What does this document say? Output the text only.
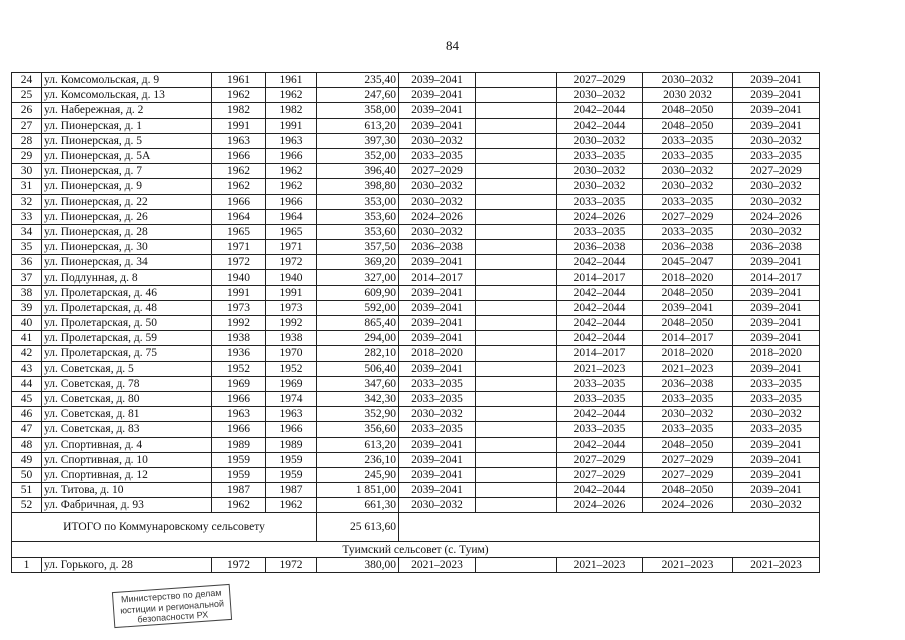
84
24	ул. Комсомольская, д. 9	1961	1961	235,40	2039–2041		2027–2029	2030–2032	2039–2041
25	ул. Комсомольская, д. 13	1962	1962	247,60	2039–2041		2030–2032	2030 2032	2039–2041
26	ул. Набережная, д. 2	1982	1982	358,00	2039–2041		2042–2044	2048–2050	2039–2041
27	ул. Пионерская, д. 1	1991	1991	613,20	2039–2041		2042–2044	2048–2050	2039–2041
28	ул. Пионерская, д. 5	1963	1963	397,30	2030–2032		2030–2032	2033–2035	2030–2032
29	ул. Пионерская, д. 5А	1966	1966	352,00	2033–2035		2033–2035	2033–2035	2033–2035
30	ул. Пионерская, д. 7	1962	1962	396,40	2027–2029		2030–2032	2030–2032	2027–2029
31	ул. Пионерская, д. 9	1962	1962	398,80	2030–2032		2030–2032	2030–2032	2030–2032
32	ул. Пионерская, д. 22	1966	1966	353,00	2030–2032		2033–2035	2033–2035	2030–2032
33	ул. Пионерская, д. 26	1964	1964	353,60	2024–2026		2024–2026	2027–2029	2024–2026
34	ул. Пионерская, д. 28	1965	1965	353,60	2030–2032		2033–2035	2033–2035	2030–2032
35	ул. Пионерская, д. 30	1971	1971	357,50	2036–2038		2036–2038	2036–2038	2036–2038
36	ул. Пионерская, д. 34	1972	1972	369,20	2039–2041		2042–2044	2045–2047	2039–2041
37	ул. Подлунная, д. 8	1940	1940	327,00	2014–2017		2014–2017	2018–2020	2014–2017
38	ул. Пролетарская, д. 46	1991	1991	609,90	2039–2041		2042–2044	2048–2050	2039–2041
39	ул. Пролетарская, д. 48	1973	1973	592,00	2039–2041		2042–2044	2039–2041	2039–2041
40	ул. Пролетарская, д. 50	1992	1992	865,40	2039–2041		2042–2044	2048–2050	2039–2041
41	ул. Пролетарская, д. 59	1938	1938	294,00	2039–2041		2042–2044	2014–2017	2039–2041
42	ул. Пролетарская, д. 75	1936	1970	282,10	2018–2020		2014–2017	2018–2020	2018–2020
43	ул. Советская, д. 5	1952	1952	506,40	2039–2041		2021–2023	2021–2023	2039–2041
44	ул. Советская, д. 78	1969	1969	347,60	2033–2035		2033–2035	2036–2038	2033–2035
45	ул. Советская, д. 80	1966	1974	342,30	2033–2035		2033–2035	2033–2035	2033–2035
46	ул. Советская, д. 81	1963	1963	352,90	2030–2032		2042–2044	2030–2032	2030–2032
47	ул. Советская, д. 83	1966	1966	356,60	2033–2035		2033–2035	2033–2035	2033–2035
48	ул. Спортивная, д. 4	1989	1989	613,20	2039–2041		2042–2044	2048–2050	2039–2041
49	ул. Спортивная, д. 10	1959	1959	236,10	2039–2041		2027–2029	2027–2029	2039–2041
50	ул. Спортивная, д. 12	1959	1959	245,90	2039–2041		2027–2029	2027–2029	2039–2041
51	ул. Титова, д. 10	1987	1987	1 851,00	2039–2041		2042–2044	2048–2050	2039–2041
52	ул. Фабричная, д. 93	1962	1962	661,30	2030–2032		2024–2026	2024–2026	2030–2032
ИТОГО по Коммунаровскому сельсовету				25 613,60					
Туимский сельсовет (с. Туим)									
1	ул. Горького, д. 28	1972	1972	380,00	2021–2023		2021–2023	2021–2023	2021–2023
Министерство по делам юстиции и региональной безопасности РХ
